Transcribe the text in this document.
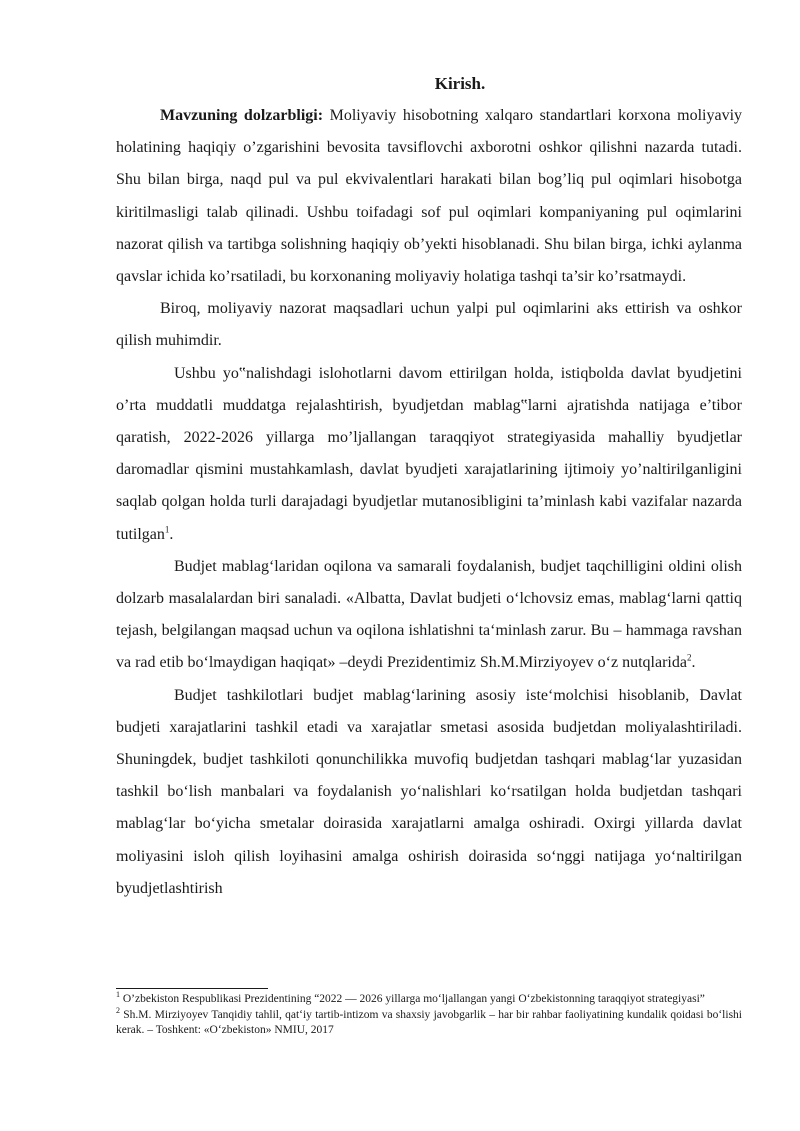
Kirish.

Mavzuning dolzarbligi: Moliyaviy hisobotning xalqaro standartlari korxona moliyaviy holatining haqiqiy o’zgarishini bevosita tavsiflovchi axborotni oshkor qilishni nazarda tutadi. Shu bilan birga, naqd pul va pul ekvivalentlari harakati bilan bog’liq pul oqimlari hisobotga kiritilmasligi talab qilinadi. Ushbu toifadagi sof pul oqimlari kompaniyaning pul oqimlarini nazorat qilish va tartibga solishning haqiqiy ob’yekti hisoblanadi. Shu bilan birga, ichki aylanma qavslar ichida ko’rsatiladi, bu korxonaning moliyaviy holatiga tashqi ta’sir ko’rsatmaydi.

Biroq, moliyaviy nazorat maqsadlari uchun yalpi pul oqimlarini aks ettirish va oshkor qilish muhimdir.

Ushbu yo‟nalishdagi islohotlarni davom ettirilgan holda, istiqbolda davlat byudjetini o’rta muddatli muddatga rejalashtirish, byudjetdan mablag‟larni ajratishda natijaga e’tibor qaratish, 2022-2026 yillarga mo’ljallangan taraqqiyot strategiyasida mahalliy byudjetlar daromadlar qismini mustahkamlash, davlat byudjeti xarajatlarining ijtimoiy yo’naltirilganligini saqlab qolgan holda turli darajadagi byudjetlar mutanosibligini ta’minlash kabi vazifalar nazarda tutilgan$^1$.

Budjet mablag‘laridan oqilona va samarali foydalanish, budjet taqchilligini oldini olish dolzarb masalalardan biri sanaladi. «Albatta, Davlat budjeti o‘lchovsiz emas, mablag‘larni qattiq tejash, belgilangan maqsad uchun va oqilona ishlatishni ta‘minlash zarur. Bu – hammaga ravshan va rad etib bo‘lmaydigan haqiqat» –deydi Prezidentimiz Sh.M.Mirziyoyev o‘z nutqlarida$^2$.

Budjet tashkilotlari budjet mablag‘larining asosiy iste‘molchisi hisoblanib, Davlat budjeti xarajatlarini tashkil etadi va xarajatlar smetasi asosida budjetdan moliyalashtiriladi. Shuningdek, budjet tashkiloti qonunchilikka muvofiq budjetdan tashqari mablag‘lar yuzasidan tashkil bo‘lish manbalari va foydalanish yo‘nalishlari ko‘rsatilgan holda budjetdan tashqari mablag‘lar bo‘yicha smetalar doirasida xarajatlarni amalga oshiradi. Oxirgi yillarda davlat moliyasini isloh qilish loyihasini amalga oshirish doirasida so‘nggi natijaga yo‘naltirilgan byudjetlashtirish

$^1$ O’zbekiston Respublikasi Prezidentining “2022 — 2026 yillarga mo‘ljallangan yangi O‘zbekistonning taraqqiyot strategiyasi”

$^2$ Sh.M. Mirziyoyev Tanqidiy tahlil, qat‘iy tartib-intizom va shaxsiy javobgarlik – har bir rahbar faoliyatining kundalik qoidasi bo‘lishi kerak. – Toshkent: «O‘zbekiston» NMIU, 2017
